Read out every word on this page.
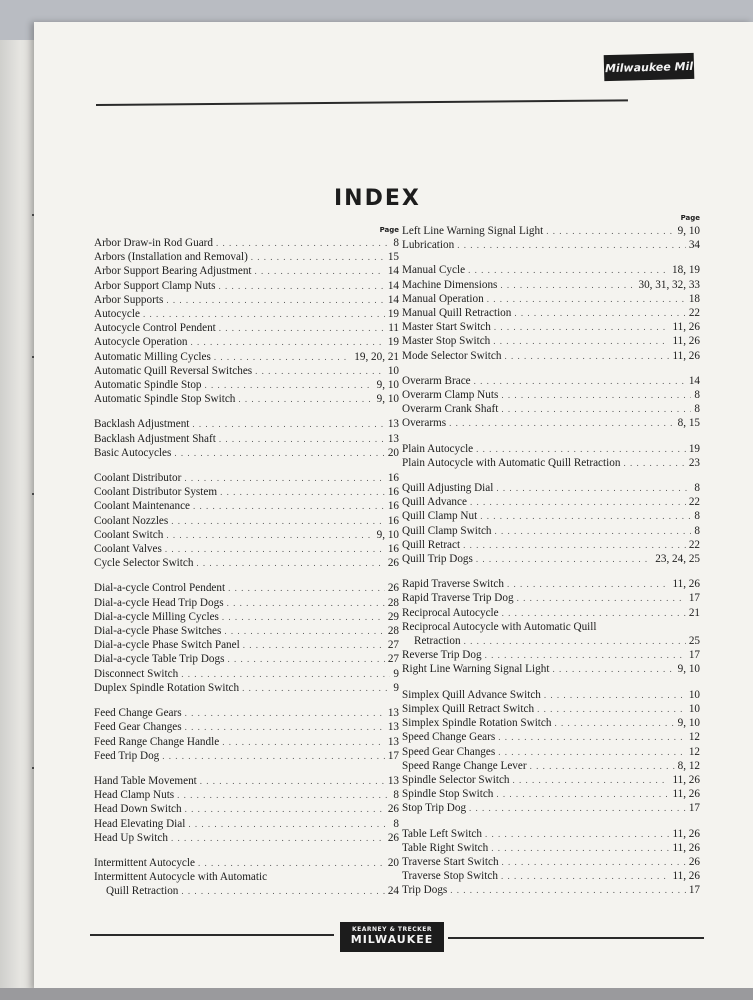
Milwaukee Mil
INDEX
Page
Arbor Draw-in Rod Guard . . .	8
Arbors (Installation and Removal) . . .	15
Arbor Support Bearing Adjustment . . .	14
Arbor Support Clamp Nuts . . .	14
Arbor Supports . . .	14
Autocycle . . .	19
Autocycle Control Pendent . . .	11
Autocycle Operation . . .	19
Automatic Milling Cycles . . .	19, 20, 21
Automatic Quill Reversal Switches . . .	10
Automatic Spindle Stop . . .	9, 10
Automatic Spindle Stop Switch . . .	9, 10
Backlash Adjustment . . .	13
Backlash Adjustment Shaft . . .	13
Basic Autocycles . . .	20
Coolant Distributor . . .	16
Coolant Distributor System . . .	16
Coolant Maintenance . . .	16
Coolant Nozzles . . .	16
Coolant Switch . . .	9, 10
Coolant Valves . . .	16
Cycle Selector Switch . . .	26
Dial-a-cycle Control Pendent . . .	26
Dial-a-cycle Head Trip Dogs . . .	28
Dial-a-cycle Milling Cycles . . .	29
Dial-a-cycle Phase Switches . . .	28
Dial-a-cycle Phase Switch Panel . . .	27
Dial-a-cycle Table Trip Dogs . . .	27
Disconnect Switch . . .	9
Duplex Spindle Rotation Switch . . .	9
Feed Change Gears . . .	13
Feed Gear Changes . . .	13
Feed Range Change Handle . . .	13
Feed Trip Dog . . .	17
Hand Table Movement . . .	13
Head Clamp Nuts . . .	8
Head Down Switch . . .	26
Head Elevating Dial . . .	8
Head Up Switch . . .	26
Intermittent Autocycle . . .	20
Intermittent Autocycle with Automatic
Quill Retraction . . .	24
Page
Left Line Warning Signal Light . . .	9, 10
Lubrication . . .	34
Manual Cycle . . .	18, 19
Machine Dimensions . . .	30, 31, 32, 33
Manual Operation . . .	18
Manual Quill Retraction . . .	22
Master Start Switch . . .	11, 26
Master Stop Switch . . .	11, 26
Mode Selector Switch . . .	11, 26
Overarm Brace . . .	14
Overarm Clamp Nuts . . .	8
Overarm Crank Shaft . . .	8
Overarms . . .	8, 15
Plain Autocycle . . .	19
Plain Autocycle with Automatic Quill Retraction . . .	23
Quill Adjusting Dial . . .	8
Quill Advance . . .	22
Quill Clamp Nut . . .	8
Quill Clamp Switch . . .	8
Quill Retract . . .	22
Quill Trip Dogs . . .	23, 24, 25
Rapid Traverse Switch . . .	11, 26
Rapid Traverse Trip Dog . . .	17
Reciprocal Autocycle . . .	21
Reciprocal Autocycle with Automatic Quill
Retraction . . .	25
Reverse Trip Dog . . .	17
Right Line Warning Signal Light . . .	9, 10
Simplex Quill Advance Switch . . .	10
Simplex Quill Retract Switch . . .	10
Simplex Spindle Rotation Switch . . .	9, 10
Speed Change Gears . . .	12
Speed Gear Changes . . .	12
Speed Range Change Lever . . .	8, 12
Spindle Selector Switch . . .	11, 26
Spindle Stop Switch . . .	11, 26
Stop Trip Dog . . .	17
Table Left Switch . . .	11, 26
Table Right Switch . . .	11, 26
Traverse Start Switch . . .	26
Traverse Stop Switch . . .	11, 26
Trip Dogs . . .	17
KEARNEY & TRECKER
MILWAUKEE
